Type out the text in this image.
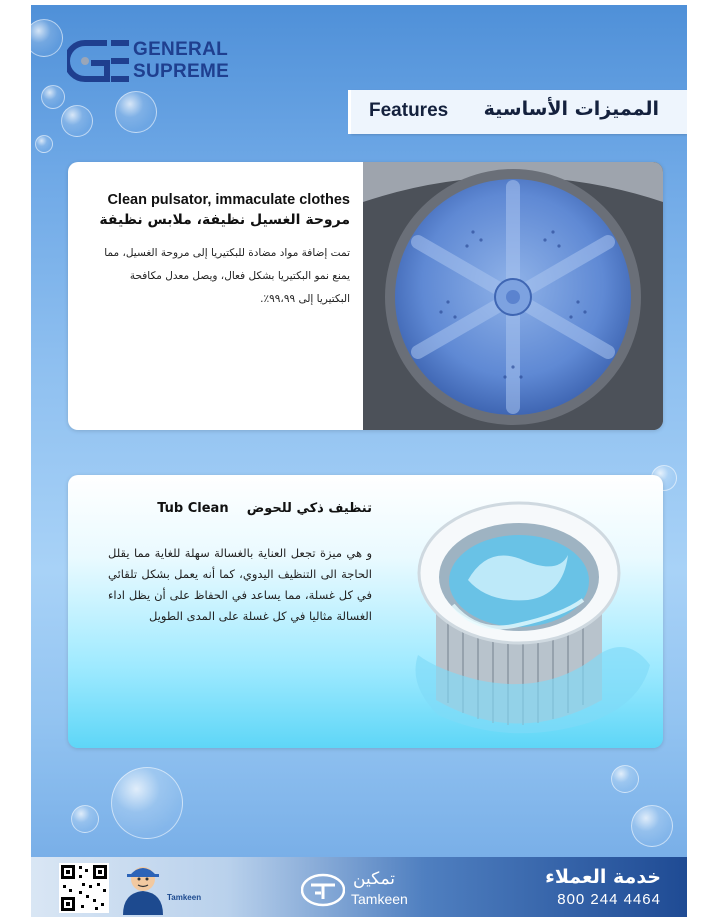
GENERAL
SUPREME
Features المميزات الأساسية
Clean pulsator, immaculate clothes
مروحة الغسيل نظيفة، ملابس نظيفة
تمت إضافة مواد مضادة للبكتيريا إلى مروحة الغسيل، مما يمنع نمو البكتيريا بشكل فعال، ويصل معدل مكافحة البكتيريا إلى ٩٩،٩٩٪.
Tub Clean تنظيف ذكي للحوض
و هي ميزة تجعل العناية بالغسالة سهلة للغاية مما يقلل الحاجة الى التنظيف اليدوي، كما أنه يعمل بشكل تلقائي في كل غسلة، مما يساعد في الحفاظ على أن يظل اداء الغسالة مثاليا في كل غسلة على المدى الطويل
Tamkeen
تمكين
Tamkeen
خدمة العملاء
800 244 4464
